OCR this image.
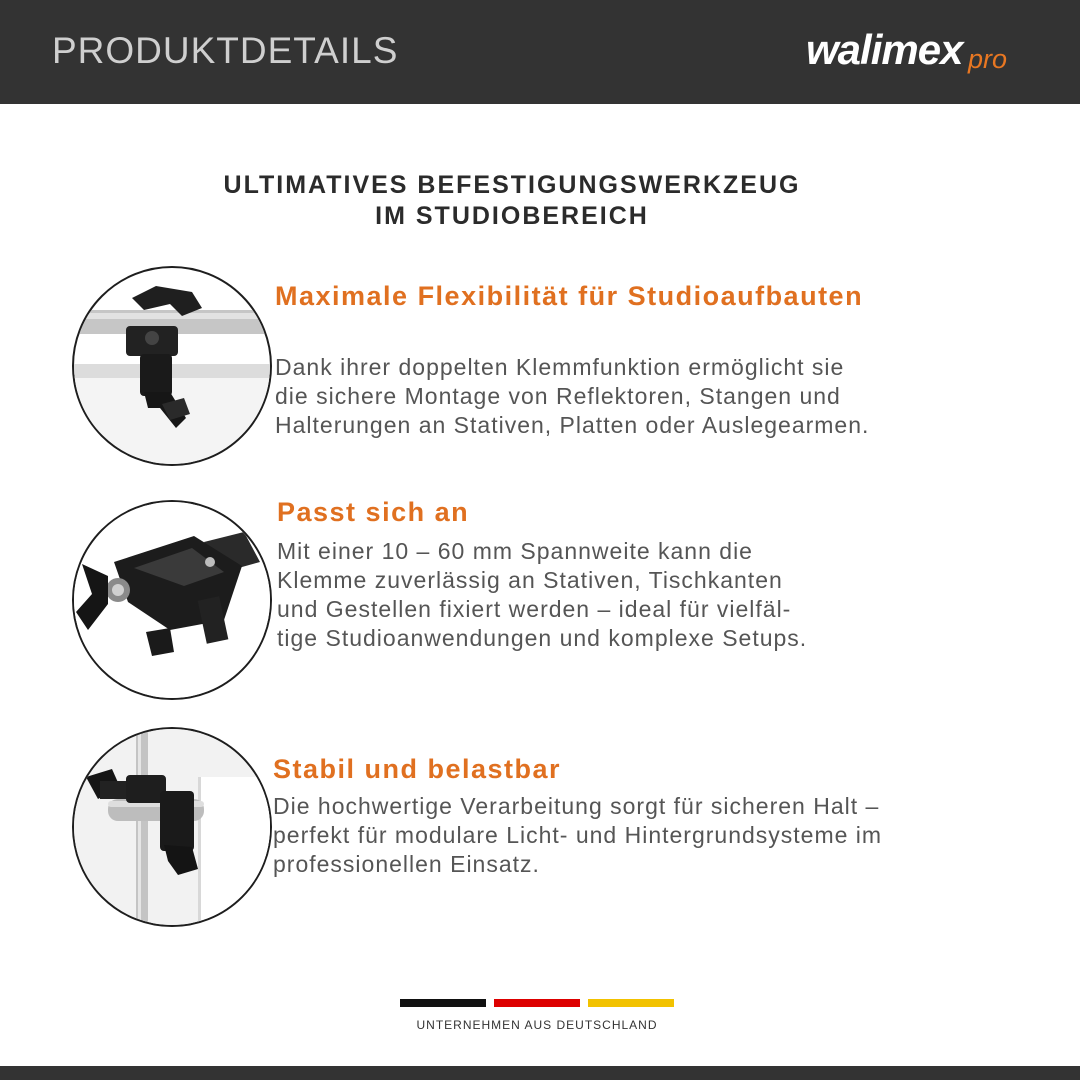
PRODUKTDETAILS	walimex pro
ULTIMATIVES BEFESTIGUNGSWERKZEUG
IM STUDIOBEREICH
Maximale Flexibilität für Studioaufbauten
Dank ihrer doppelten Klemmfunktion ermöglicht sie
die sichere Montage von Reflektoren, Stangen und
Halterungen an Stativen, Platten oder Auslegearmen.
Passt sich an
Mit einer 10 – 60 mm Spannweite kann die
Klemme zuverlässig an Stativen, Tischkanten
und Gestellen fixiert werden – ideal für vielfäl-
tige Studioanwendungen und komplexe Setups.
Stabil und belastbar
Die hochwertige Verarbeitung sorgt für sicheren Halt –
perfekt für modulare Licht- und Hintergrundsysteme im
professionellen Einsatz.
UNTERNEHMEN AUS DEUTSCHLAND
